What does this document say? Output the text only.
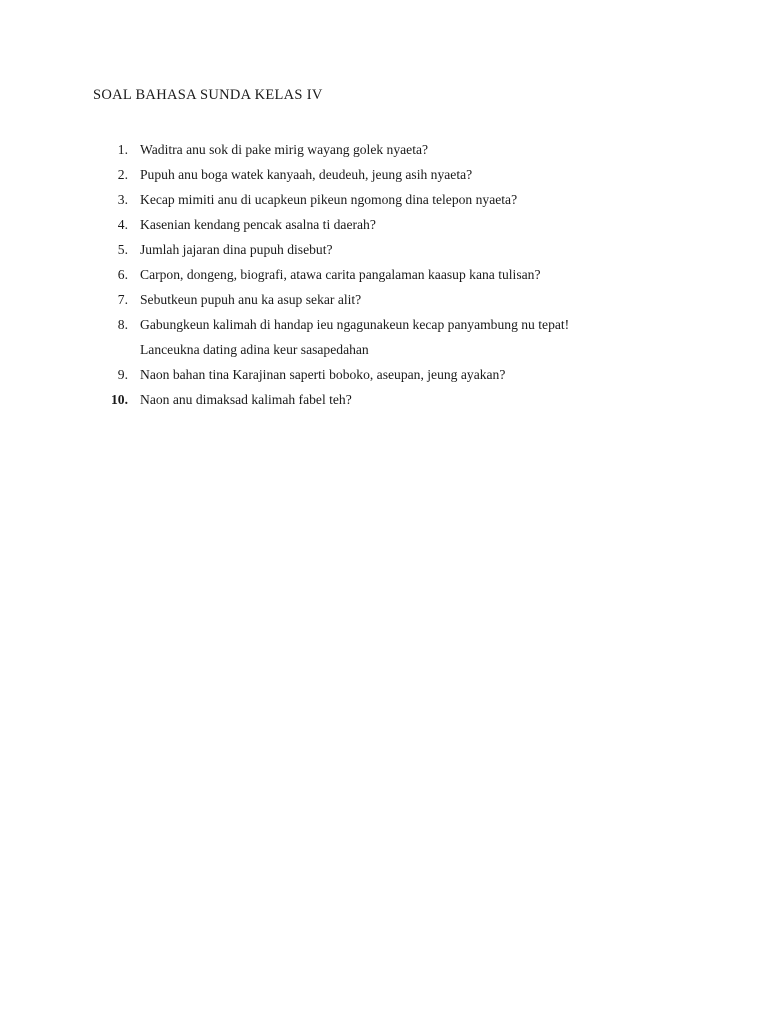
SOAL BAHASA SUNDA KELAS IV
1. Waditra anu sok di pake mirig wayang golek nyaeta?
2. Pupuh anu boga watek kanyaah, deudeuh, jeung asih nyaeta?
3. Kecap mimiti anu di ucapkeun pikeun ngomong dina telepon nyaeta?
4. Kasenian kendang pencak asalna ti daerah?
5. Jumlah jajaran dina pupuh disebut?
6. Carpon, dongeng, biografi, atawa carita pangalaman kaasup kana tulisan?
7. Sebutkeun pupuh anu ka asup sekar alit?
8. Gabungkeun kalimah di handap ieu ngagunakeun kecap panyambung nu tepat!
Lanceukna dating adina keur sasapedahan
9. Naon bahan tina Karajinan saperti boboko, aseupan, jeung ayakan?
10. Naon anu dimaksad kalimah fabel teh?
